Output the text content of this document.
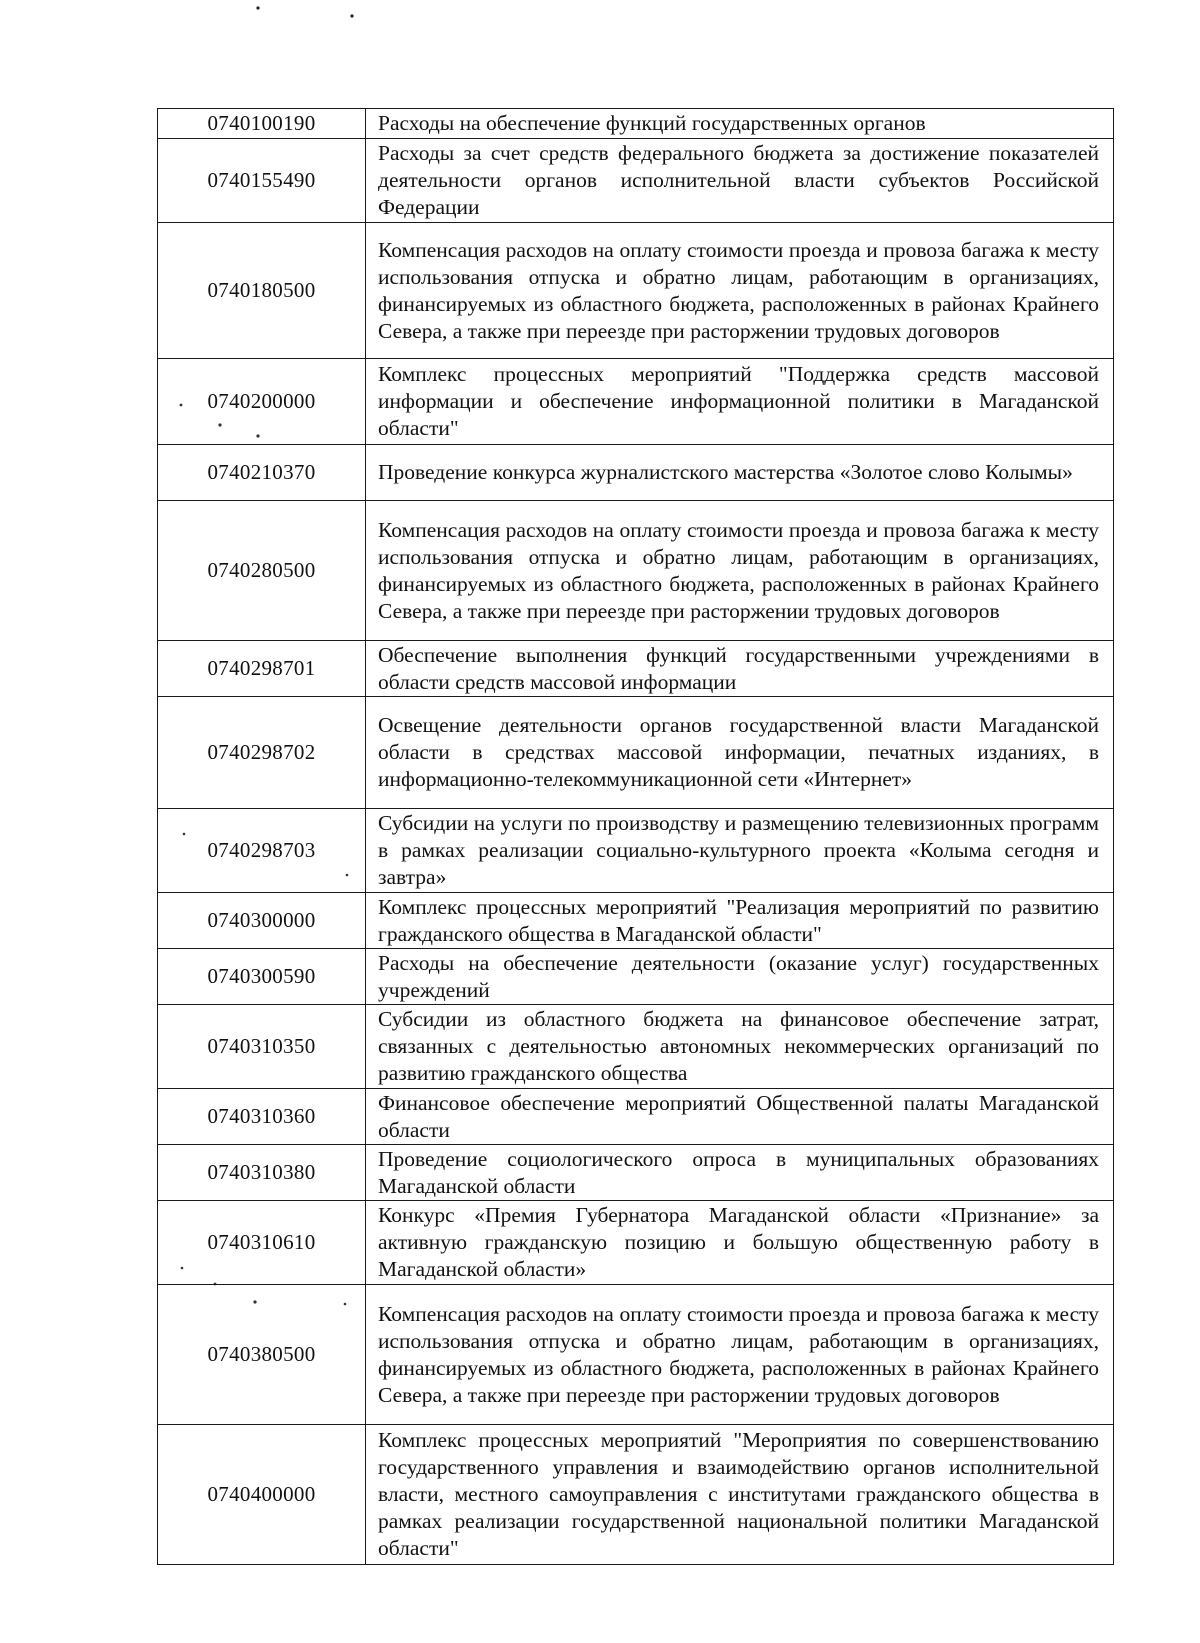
0740100190	Расходы на обеспечение функций государственных органов
0740155490	Расходы за счет средств федерального бюджета за достижение показателей деятельности органов исполнительной власти субъектов Российской Федерации
0740180500	Компенсация расходов на оплату стоимости проезда и провоза багажа к месту использования отпуска и обратно лицам, работающим в организациях, финансируемых из областного бюджета, расположенных в районах Крайнего Севера, а также при переезде при расторжении трудовых договоров
0740200000	Комплекс процессных мероприятий "Поддержка средств массовой информации и обеспечение информационной политики в Магаданской области"
0740210370	Проведение конкурса журналистского мастерства «Золотое слово Колымы»
0740280500	Компенсация расходов на оплату стоимости проезда и провоза багажа к месту использования отпуска и обратно лицам, работающим в организациях, финансируемых из областного бюджета, расположенных в районах Крайнего Севера, а также при переезде при расторжении трудовых договоров
0740298701	Обеспечение выполнения функций государственными учреждениями в области средств массовой информации
0740298702	Освещение деятельности органов государственной власти Магаданской области в средствах массовой информации, печатных изданиях, в информационно-телекоммуникационной сети «Интернет»
0740298703	Субсидии на услуги по производству и размещению телевизионных программ в рамках реализации социально-культурного проекта «Колыма сегодня и завтра»
0740300000	Комплекс процессных мероприятий "Реализация мероприятий по развитию гражданского общества в Магаданской области"
0740300590	Расходы на обеспечение деятельности (оказание услуг) государственных учреждений
0740310350	Субсидии из областного бюджета на финансовое обеспечение затрат, связанных с деятельностью автономных некоммерческих организаций по развитию гражданского общества
0740310360	Финансовое обеспечение мероприятий Общественной палаты Магаданской области
0740310380	Проведение социологического опроса в муниципальных образованиях Магаданской области
0740310610	Конкурс «Премия Губернатора Магаданской области «Признание» за активную гражданскую позицию и большую общественную работу в Магаданской области»
0740380500	Компенсация расходов на оплату стоимости проезда и провоза багажа к месту использования отпуска и обратно лицам, работающим в организациях, финансируемых из областного бюджета, расположенных в районах Крайнего Севера, а также при переезде при расторжении трудовых договоров
0740400000	Комплекс процессных мероприятий "Мероприятия по совершенствованию государственного управления и взаимодействию органов исполнительной власти, местного самоуправления с институтами гражданского общества в рамках реализации государственной национальной политики Магаданской области"
